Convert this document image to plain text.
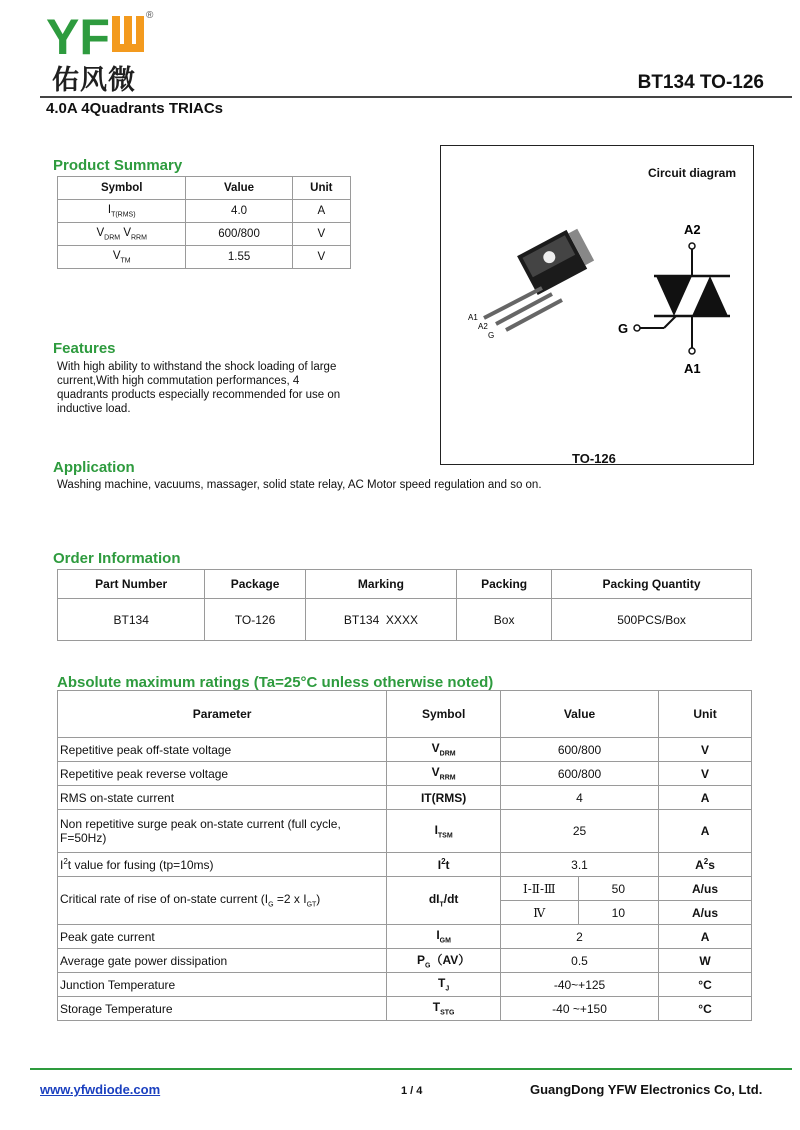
YF	®
佑风微	BT134 TO-126
4.0A 4Quadrants TRIACs
Product Summary
Symbol	Value	Unit
$I_{T(RMS)}$	4.0	A
$V_{DRM}$ $V_{RRM}$	600/800	V
$V_{TM}$	1.55	V
Features
With high ability to withstand the shock loading of large current,With high commutation performances, 4 quadrants products especially recommended for use on inductive load.
Application
Washing machine, vacuums, massager, solid state relay, AC Motor speed regulation and so on.
Circuit diagram
A1
A2
G
A2
G
A1
TO-126
Order Information
Part Number	Package	Marking	Packing	Packing Quantity
BT134	TO-126	BT134  XXXX	Box	500PCS/Box
Absolute maximum ratings (Ta=25°C unless otherwise noted)
Parameter	Symbol	Value		Unit
Repetitive peak off-state voltage	$V_{DRM}$	600/800		V
Repetitive peak reverse voltage	$V_{RRM}$	600/800		V
RMS on-state current	IT(RMS)	4		A
Non repetitive surge peak on-state current (full cycle, F=50Hz)	$I_{TSM}$	25		A
$I^2t$ value for fusing (tp=10ms)	$I^2t$	3.1		$A^2s$
Critical rate of rise of on-state current ($I_G =2$ x $I_{GT}$)	$dI_T/dt$	Ⅰ-Ⅱ-Ⅲ	50	A/us
		Ⅳ	10	A/us
Peak gate current	$I_{GM}$	2		A
Average gate power dissipation	$P_G(AV)$	0.5		W
Junction Temperature	$T_J$	-40~+125		°C
Storage Temperature	$T_{STG}$	-40 ~+150		°C
www.yfwdiode.com	1 / 4	GuangDong YFW Electronics Co, Ltd.
